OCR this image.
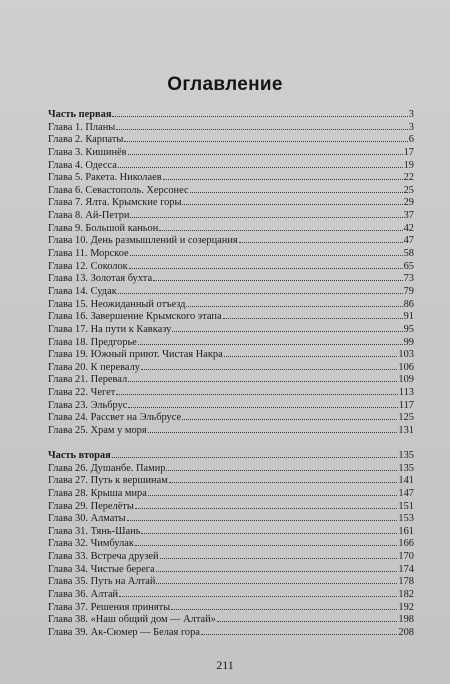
Оглавление
Часть первая	3
Глава 1. Планы	3
Глава 2. Карпаты	6
Глава 3. Кишинёв	17
Глава 4. Одесса	19
Глава 5. Ракета. Николаев	22
Глава 6. Севастополь. Херсонес	25
Глава 7. Ялта. Крымские горы	29
Глава 8. Ай-Петри	37
Глава 9. Большой каньон	42
Глава 10. День размышлений и созерцания	47
Глава 11. Морское	58
Глава 12. Соколок	65
Глава 13. Золотая бухта	73
Глава 14. Судак	79
Глава 15. Неожиданный отъезд	86
Глава 16. Завершение Крымского этапа	91
Глава 17. На пути к Кавказу	95
Глава 18. Предгорье	99
Глава 19. Южный приют. Чистая Накра	103
Глава 20. К перевалу	106
Глава 21. Перевал	109
Глава 22. Чегет	113
Глава 23. Эльбрус	117
Глава 24. Рассвет на Эльбрусе	125
Глава 25. Храм у моря	131
Часть вторая	135
Глава 26. Душанбе. Памир	135
Глава 27. Путь к вершинам	141
Глава 28. Крыша мира	147
Глава 29. Перелёты	151
Глава 30. Алматы	153
Глава 31. Тянь-Шань	161
Глава 32. Чимбулак	166
Глава 33. Встреча друзей	170
Глава 34. Чистые берега	174
Глава 35. Путь на Алтай	178
Глава 36. Алтай	182
Глава 37. Решения приняты	192
Глава 38. «Наш общий дом — Алтай»	198
Глава 39. Ак-Сюмер — Белая гора	208
211
